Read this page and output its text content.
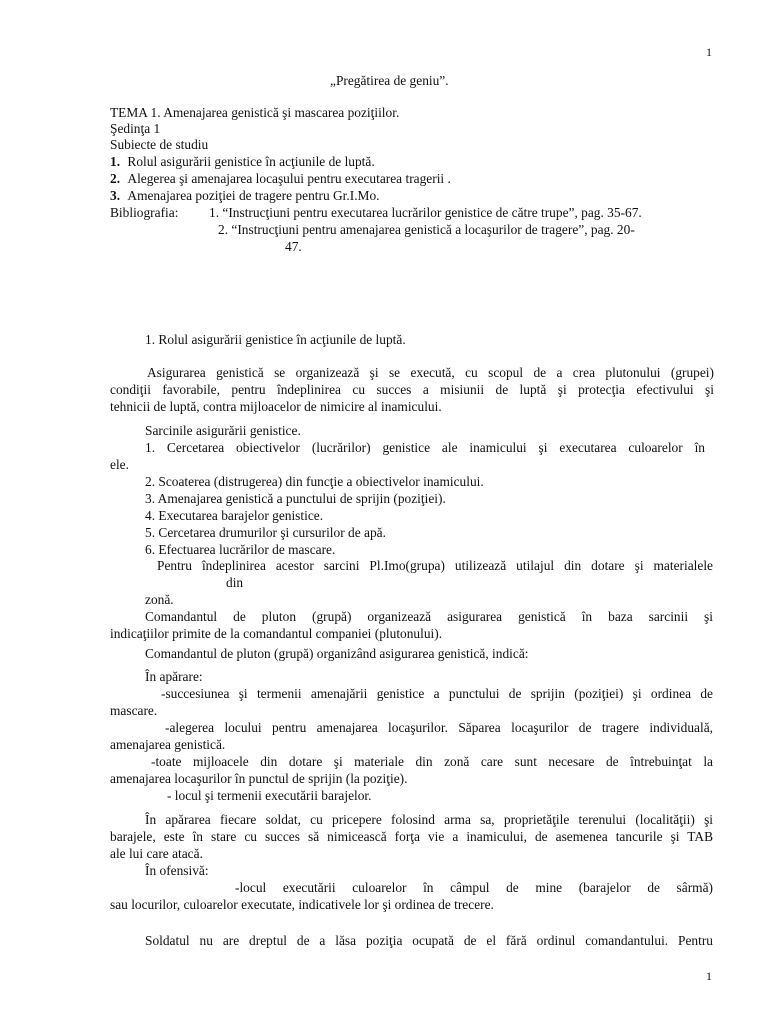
1
„Pregătirea de geniu”.
TEMA 1. Amenajarea genistică şi mascarea poziţiilor.
Şedinţa 1
Subiecte de studiu
1. Rolul asigurării genistice în acţiunile de luptă.
2. Alegerea şi amenajarea locaşului pentru executarea tragerii .
3. Amenajarea poziţiei de tragere pentru Gr.I.Mo.
Bibliografia: 1. “Instrucţiuni pentru executarea lucrărilor genistice de către trupe”, pag. 35-67.
2. “Instrucţiuni pentru amenajarea genistică a locaşurilor de tragere”, pag. 20-
47.
1. Rolul asigurării genistice în acţiunile de luptă.
Asigurarea genistică se organizează şi se execută, cu scopul de a crea plutonului (grupei)
condiţii favorabile, pentru îndeplinirea cu succes a misiunii de luptă şi protecţia efectivului şi
tehnicii de luptă, contra mijloacelor de nimicire al inamicului.
Sarcinile asigurării genistice.
1. Cercetarea obiectivelor (lucrărilor) genistice ale inamicului şi executarea culoarelor în
ele.
2. Scoaterea (distrugerea) din funcţie a obiectivelor inamicului.
3. Amenajarea genistică a punctului de sprijin (poziţiei).
4. Executarea barajelor genistice.
5. Cercetarea drumurilor şi cursurilor de apă.
6. Efectuarea lucrărilor de mascare.
Pentru îndeplinirea acestor sarcini Pl.Imo(grupa) utilizează utilajul din dotare şi materialele
din
zonă.
Comandantul de pluton (grupă) organizează asigurarea genistică în baza sarcinii şi
indicaţiilor primite de la comandantul companiei (plutonului).
Comandantul de pluton (grupă) organizând asigurarea genistică, indică:
În apărare:
-succesiunea şi termenii amenajării genistice a punctului de sprijin (poziţiei) şi ordinea de
mascare.
-alegerea locului pentru amenajarea locaşurilor. Săparea locaşurilor de tragere individuală,
amenajarea genistică.
-toate mijloacele din dotare şi materiale din zonă care sunt necesare de întrebuinţat la
amenajarea locaşurilor în punctul de sprijin (la poziţie).
- locul şi termenii executării barajelor.
În apărarea fiecare soldat, cu pricepere folosind arma sa, proprietăţile terenului (localităţii) şi
barajele, este în stare cu succes să nimicească forţa vie a inamicului, de asemenea tancurile şi TAB
ale lui care atacă.
În ofensivă:
-locul executării culoarelor în câmpul de mine (barajelor de sârmă)
sau locurilor, culoarelor executate, indicativele lor şi ordinea de trecere.
Soldatul nu are dreptul de a lăsa poziţia ocupată de el fără ordinul comandantului. Pentru
1
